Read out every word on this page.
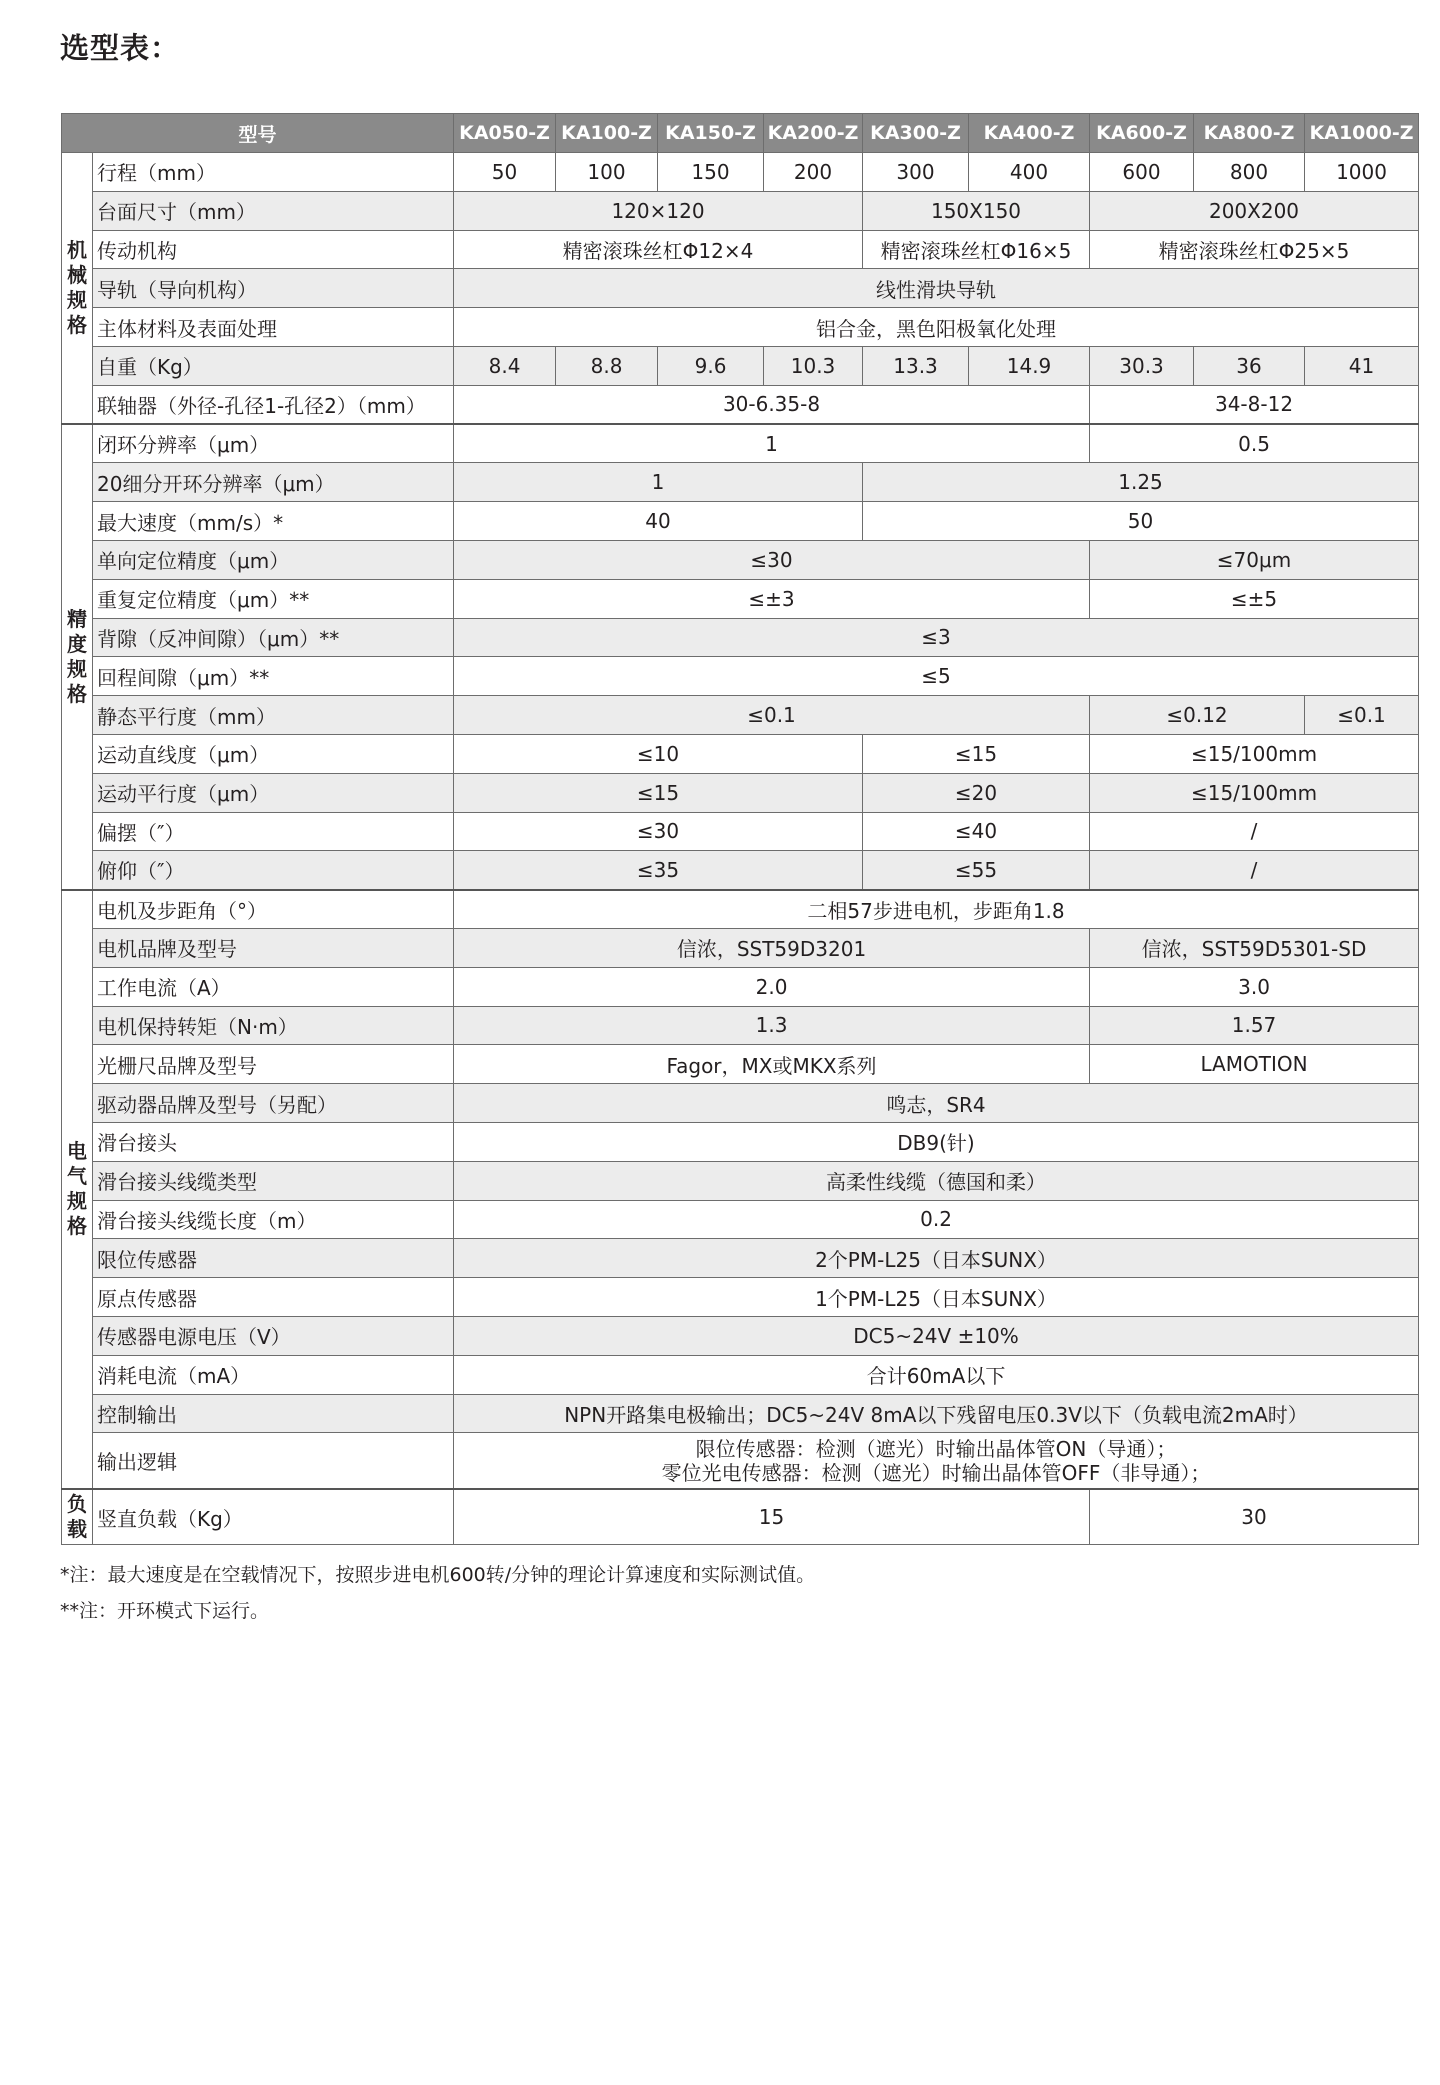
选型表：
型号		KA050-Z	KA100-Z	KA150-Z	KA200-Z	KA300-Z	KA400-Z	KA600-Z	KA800-Z	KA1000-Z
机械规格	行程（mm）	50	100	150	200	300	400	600	800	1000
	台面尺寸（mm）	120×120				150X150		200X200		
	传动机构	精密滚珠丝杠Φ12×4				精密滚珠丝杠Φ16×5		精密滚珠丝杠Φ25×5		
	导轨（导向机构）	线性滑块导轨								
	主体材料及表面处理	铝合金，黑色阳极氧化处理								
	自重（Kg）	8.4	8.8	9.6	10.3	13.3	14.9	30.3	36	41
	联轴器（外径-孔径1-孔径2）（mm）	30-6.35-8						34-8-12		
精度规格	闭环分辨率（μm）	1						0.5		
	20细分开环分辨率（μm）	1				1.25				
	最大速度（mm/s）*	40				50				
	单向定位精度（μm）	≤30						≤70μm		
	重复定位精度（μm）**	≤±3						≤±5		
	背隙（反冲间隙）（μm）**	≤3								
	回程间隙（μm）**	≤5								
	静态平行度（mm）	≤0.1						≤0.12		≤0.1
	运动直线度（μm）	≤10				≤15		≤15/100mm		
	运动平行度（μm）	≤15				≤20		≤15/100mm		
	偏摆（″）	≤30				≤40		/		
	俯仰（″）	≤35				≤55		/		
电气规格	电机及步距角（°）	二相57步进电机，步距角1.8								
	电机品牌及型号	信浓，SST59D3201						信浓，SST59D5301-SD		
	工作电流（A）	2.0						3.0		
	电机保持转矩（N·m）	1.3						1.57		
	光栅尺品牌及型号	Fagor，MX或MKX系列						LAMOTION		
	驱动器品牌及型号（另配）	鸣志，SR4								
	滑台接头	DB9(针)								
	滑台接头线缆类型	高柔性线缆（德国和柔）								
	滑台接头线缆长度（m）	0.2								
	限位传感器	2个PM-L25（日本SUNX）								
	原点传感器	1个PM-L25（日本SUNX）								
	传感器电源电压（V）	DC5~24V ±10%								
	消耗电流（mA）	合计60mA以下								
	控制输出	NPN开路集电极输出；DC5~24V 8mA以下残留电压0.3V以下（负载电流2mA时）								
	输出逻辑	限位传感器：检测（遮光）时输出晶体管ON（导通）；
零位光电传感器：检测（遮光）时输出晶体管OFF（非导通）；								

负载	竖直负载（Kg）	15						30		

*注：最大速度是在空载情况下，按照步进电机600转/分钟的理论计算速度和实际测试值。

**注：开环模式下运行。
